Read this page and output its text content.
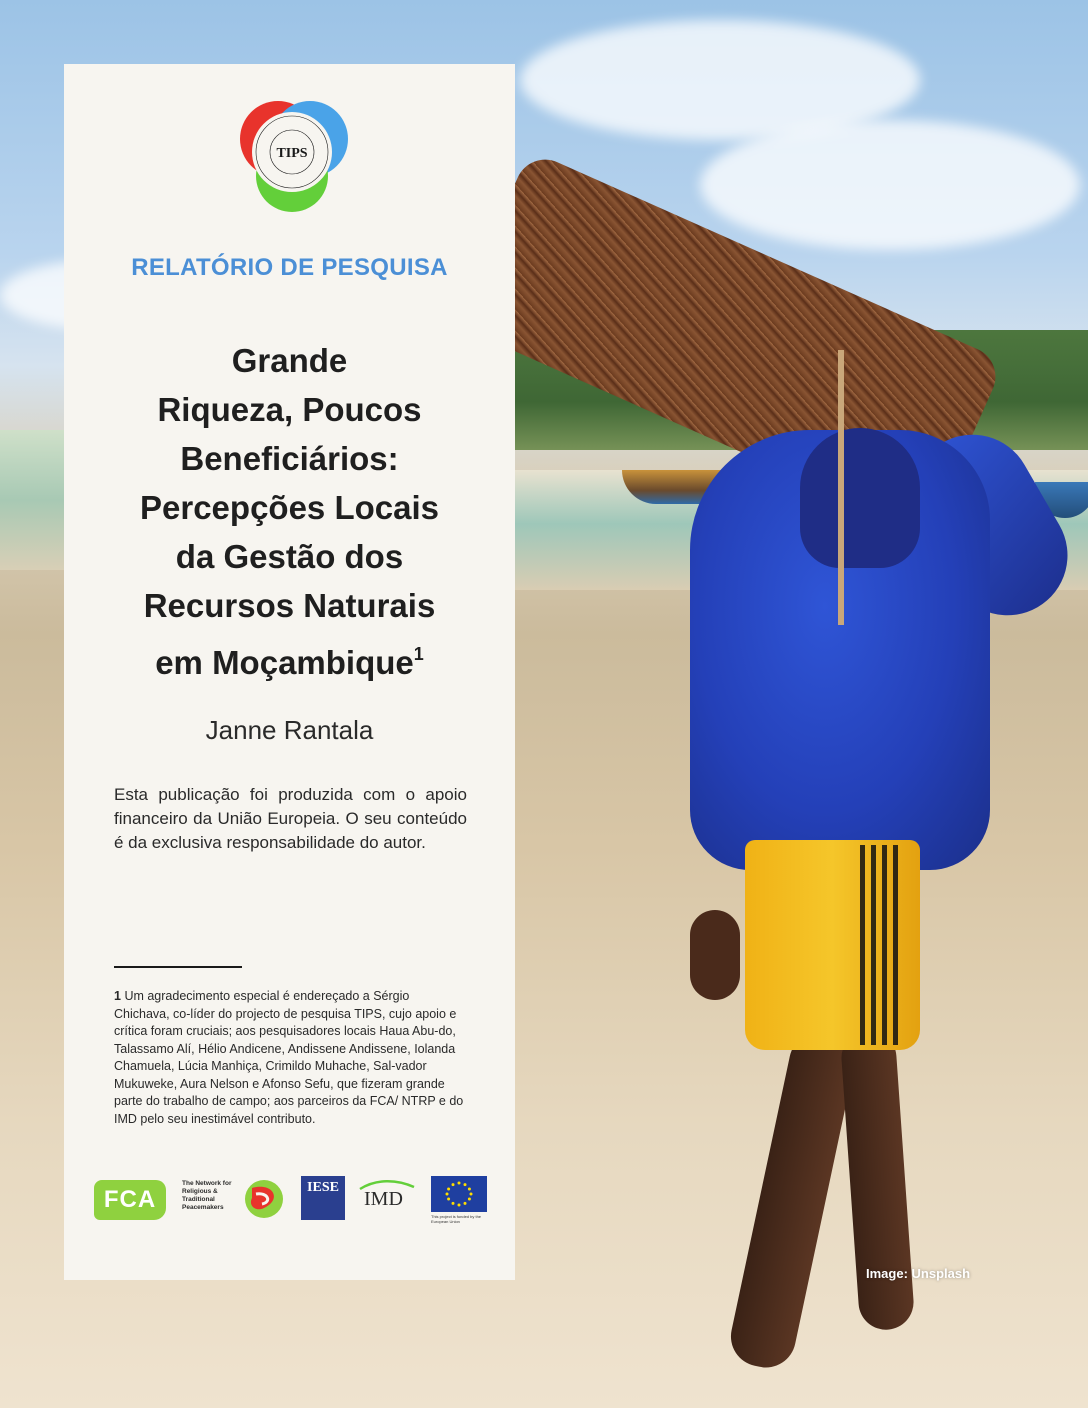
Image: Unsplash
TIPS
RELATÓRIO DE PESQUISA
Grande
Riqueza, Poucos
Beneficiários:
Percepções Locais
da Gestão dos
Recursos Naturais
em Moçambique$^1$
Janne Rantala

Esta publicação foi produzida com o apoio financeiro da União Europeia. O seu conteúdo é da exclusiva responsabilidade do autor.

1 Um agradecimento especial é endereçado a Sérgio Chichava, co-líder do projecto de pesquisa TIPS, cujo apoio e crítica foram cruciais; aos pesquisadores locais Haua Abu-do, Talassamo Alí, Hélio Andicene, Andissene Andissene, Iolanda Chamuela, Lúcia Manhiça, Crimildo Muhache, Sal-vador Mukuweke, Aura Nelson e Afonso Sefu, que fizeram grande parte do trabalho de campo; aos parceiros da FCA/ NTRP e do IMD pelo seu inestimável contributo.

FCA
The Network for Religious & Traditional Peacemakers
IESE

IMD

This project is funded by the European Union
